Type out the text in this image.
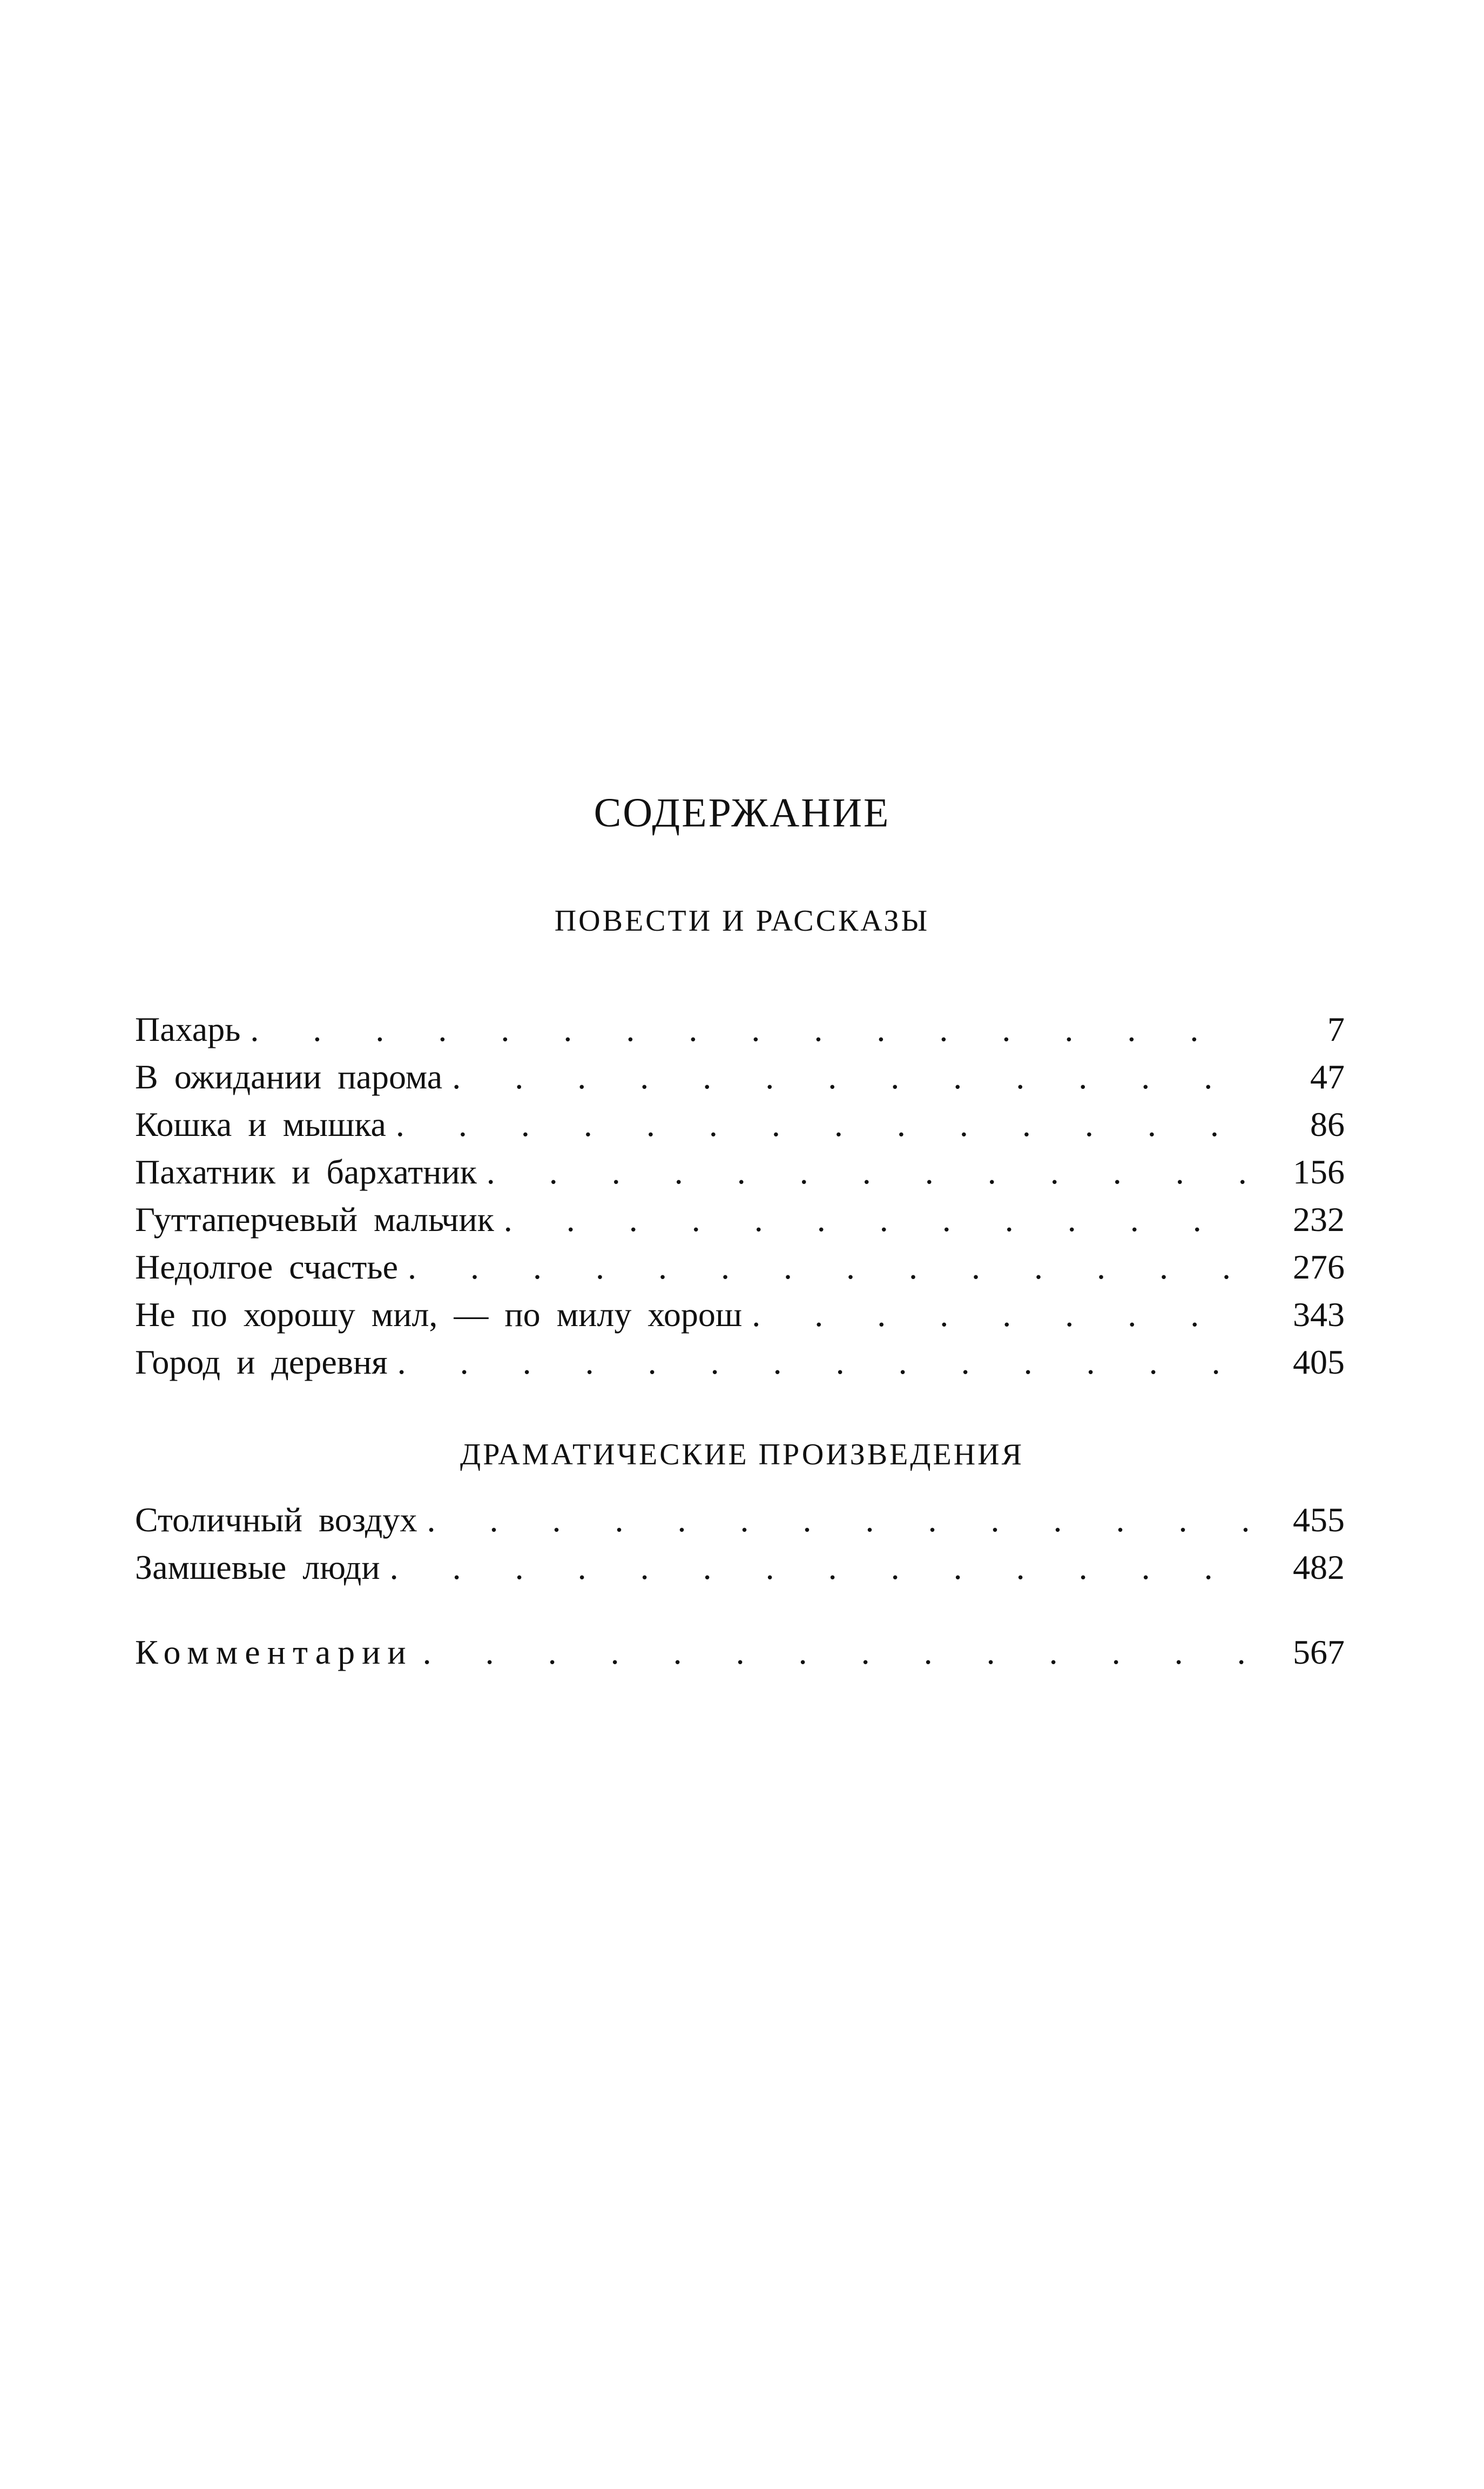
СОДЕРЖАНИЕ
ПОВЕСТИ И РАССКАЗЫ
Пахарь . . .	7
В ожидании парома . . .	47
Кошка и мышка . . .	86
Пахатник и бархатник . . .	156
Гуттаперчевый мальчик . . .	232
Недолгое счастье . . .	276
Не по хорошу мил, — по милу хорош . . .	343
Город и деревня . . .	405
ДРАМАТИЧЕСКИЕ ПРОИЗВЕДЕНИЯ
Столичный воздух . . .	455
Замшевые люди . . .	482
Комментарии . . .	567
